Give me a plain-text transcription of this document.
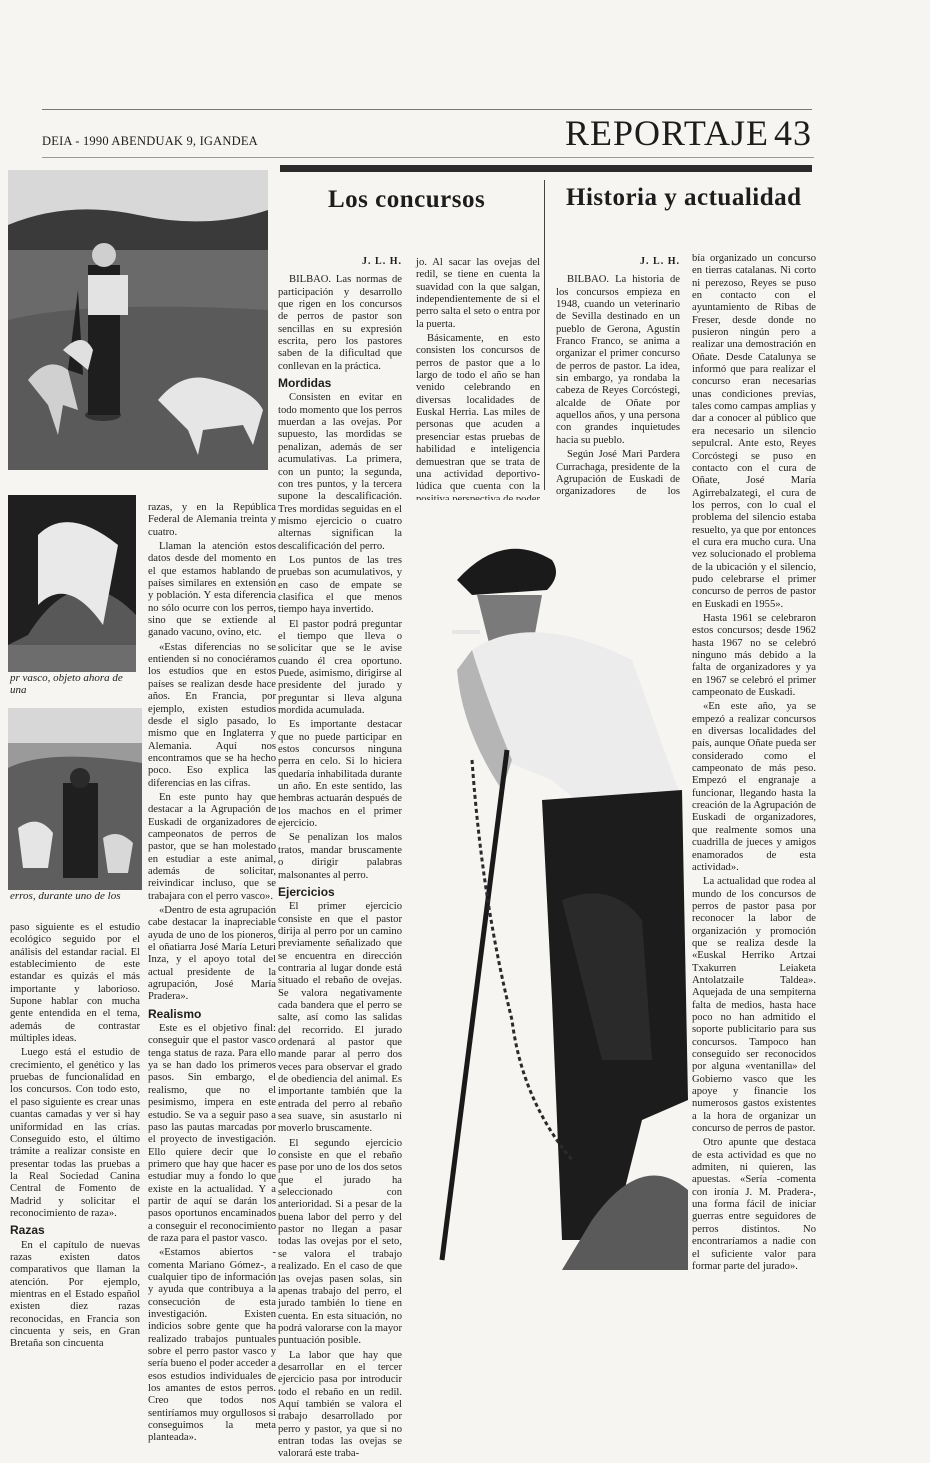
DEIA - 1990 ABENDUAK 9, IGANDEA	REPORTAJE 43
pr vasco, objeto ahora de una
erros, durante uno de los
Los concursos	Historia y actualidad

razas, y en la República Federal de Alemania treinta y cuatro.

Llaman la atención estos datos desde del momento en el que estamos hablando de países similares en extensión y población. Y esta diferencia no sólo ocurre con los perros, sino que se extiende al ganado vacuno, ovino, etc.

«Estas diferencias no se entienden si no conociéramos los estudios que en estos países se realizan desde hace años. En Francia, por ejemplo, existen estudios desde el siglo pasado, lo mismo que en Inglaterra y Alemania. Aquí nos encontramos que se ha hecho poco. Eso explica las diferencias en las cifras.

En este punto hay que destacar a la Agrupación de Euskadi de organizadores de campeonatos de perros de pastor, que se han molestado en estudiar a este animal, además de solicitar, reivindicar incluso, que se trabajara con el perro vasco».

«Dentro de esta agrupación cabe destacar la inapreciable ayuda de uno de los pioneros, el oñatiarra José María Leturi Inza, y el apoyo total del actual presidente de la agrupación, José María Pradera».

Realismo

Este es el objetivo final: conseguir que el pastor vasco tenga status de raza. Para ello ya se han dado los primeros pasos. Sin embargo, el realismo, que no el pesimismo, impera en este estudio. Se va a seguir paso a paso las pautas marcadas por el proyecto de investigación. Ello quiere decir que lo primero que hay que hacer es estudiar muy a fondo lo que existe en la actualidad. Y a partir de aquí se darán los pasos oportunos encaminados a conseguir el reconocimiento de raza para el pastor vasco.

«Estamos abiertos -comenta Mariano Gómez-, a cualquier tipo de información y ayuda que contribuya a la consecución de esta investigación. Existen indicios sobre gente que ha realizado trabajos puntuales sobre el perro pastor vasco y sería bueno el poder acceder a esos estudios individuales de los amantes de estos perros. Creo que todos nos sentiríamos muy orgullosos si conseguimos la meta planteada».

paso siguiente es el estudio ecológico seguido por el análisis del estandar racial. El establecimiento de este estandar es quizás el más importante y laborioso. Supone hablar con mucha gente entendida en el tema, además de contrastar múltiples ideas.

Luego está el estudio de crecimiento, el genético y las pruebas de funcionalidad en los concursos. Con todo esto, el paso siguiente es crear unas cuantas camadas y ver si hay uniformidad en las crías. Conseguido esto, el último trámite a realizar consiste en presentar todas las pruebas a la Real Sociedad Canina Central de Fomento de Madrid y solicitar el reconocimiento de raza».

Razas

En el capítulo de nuevas razas existen datos comparativos que llaman la atención. Por ejemplo, mientras en el Estado español existen diez razas reconocidas, en Francia son cincuenta y seis, en Gran Bretaña son cincuenta

J. L. H.

BILBAO. Las normas de participación y desarrollo que rigen en los concursos de perros de pastor son sencillas en su expresión escrita, pero los pastores saben de la dificultad que conllevan en la práctica.

Mordidas

Consisten en evitar en todo momento que los perros muerdan a las ovejas. Por supuesto, las mordidas se penalizan, además de ser acumulativas. La primera, con un punto; la segunda, con tres puntos, y la tercera supone la descalificación. Tres mordidas seguidas en el mismo ejercicio o cuatro alternas significan la descalificación del perro.

Los puntos de las tres pruebas son acumulativos, y en caso de empate se clasifica el que menos tiempo haya invertido.

El pastor podrá preguntar el tiempo que lleva o solicitar que se le avise cuando él crea oportuno. Puede, asimismo, dirigirse al presidente del jurado y preguntar si lleva alguna mordida acumulada.

Es importante destacar que no puede participar en estos concursos ninguna perra en celo. Si lo hiciera quedaría inhabilitada durante un año. En este sentido, las hembras actuarán después de los machos en el primer ejercicio.

Se penalizan los malos tratos, mandar bruscamente o dirigir palabras malsonantes al perro.

Ejercicios

El primer ejercicio consiste en que el pastor dirija al perro por un camino previamente señalizado que se encuentra en dirección contraria al lugar donde está situado el rebaño de ovejas. Se valora negativamente cada bandera que el perro se salte, así como las salidas del recorrido. El jurado ordenará al pastor que mande parar al perro dos veces para observar el grado de obediencia del animal. Es importante también que la entrada del perro al rebaño sea suave, sin asustarlo ni moverlo bruscamente.

El segundo ejercicio consiste en que el rebaño pase por uno de los dos setos que el jurado ha seleccionado con anterioridad. Si a pesar de la buena labor del perro y del pastor no llegan a pasar todas las ovejas por el seto, se valora el trabajo realizado. En el caso de que las ovejas pasen solas, sin apenas trabajo del perro, el jurado también lo tiene en cuenta. En esta situación, no podrá valorarse con la mayor puntuación posible.

La labor que hay que desarrollar en el tercer ejercicio pasa por introducir todo el rebaño en un redil. Aquí también se valora el trabajo desarrollado por perro y pastor, ya que si no entran todas las ovejas se valorará este traba-

jo. Al sacar las ovejas del redil, se tiene en cuenta la suavidad con la que salgan, independientemente de si el perro salta el seto o entra por la puerta.

Básicamente, en esto consisten los concursos de perros de pastor que a lo largo de todo el año se han venido celebrando en diversas localidades de Euskal Herria. Las miles de personas que acuden a presenciar estas pruebas de habilidad e inteligencia demuestran que se trata de una actividad deportivo-lúdica que cuenta con la

J. L. H.

BILBAO. La historia de los concursos empieza en 1948, cuando un veterinario de Sevilla destinado en un pueblo de Gerona, Agustín Franco Franco, se anima a organizar el primer concurso de perros de pastor. La idea, sin embargo, ya rondaba la cabeza de Reyes Corcóstegi, alcalde de Oñate por aquellos años, y una persona con grandes inquietudes hacia su pueblo.

Según José Mari Pardera Currachaga, presidente de la Agrupación de Euskadi de organizadores de los

bía organizado un concurso en tierras catalanas. Ni corto ni perezoso, Reyes se puso en contacto con el ayuntamiento de Ribas de Freser, desde donde no pusieron ningún pero a realizar una demostración en Oñate. Desde Catalunya se informó que para realizar el concurso eran necesarias unas condiciones previas, tales como campas amplias y dar a conocer al público que era necesario un silencio sepulcral. Ante esto, Reyes Corcóstegi se puso en contacto con el cura de Oñate, José María Agirrebalzategi, el cura de los perros, con lo cual el problema del silencio estaba resuelto, ya que por entonces el cura era mucho cura. Una vez solucionado el problema de la ubicación y el silencio, pudo celebrarse el primer concurso de perros de pastor en Euskadi en 1955».

Hasta 1961 se celebraron estos concursos; desde 1962 hasta 1967 no se celebró ninguno más debido a la falta de organizadores y ya en 1967 se celebró el primer campeonato de Euskadi.

«En este año, ya se empezó a realizar concursos en diversas localidades del país, aunque Oñate pueda ser considerado como el campeonato de más peso. Empezó el engranaje a funcionar, llegando hasta la creación de la Agrupación de Euskadi de organizadores, que realmente somos una cuadrilla de jueces y amigos enamorados de esta actividad».

La actualidad que rodea al mundo de los concursos de perros de pastor pasa por reconocer la labor de organización y promoción que se realiza desde la «Euskal Herriko Artzai Txakurren Leiaketa Antolatzaile Taldea». Aquejada de una sempiterna falta de medios, hasta hace poco no han admitido el soporte publicitario para sus concursos. Tampoco han conseguido ser reconocidos por alguna «ventanilla» del Gobierno vasco que les apoye y financie los numerosos gastos existentes a la hora de organizar un concurso de perros de pastor.

Otro apunte que destaca de esta actividad es que no admiten, ni quieren, las apuestas. «Sería -comenta con ironía J. M. Pradera-, una forma fácil de iniciar guerras entre seguidores de perros distintos. No encontraríamos a nadie con el suficiente valor para formar parte del jurado».
